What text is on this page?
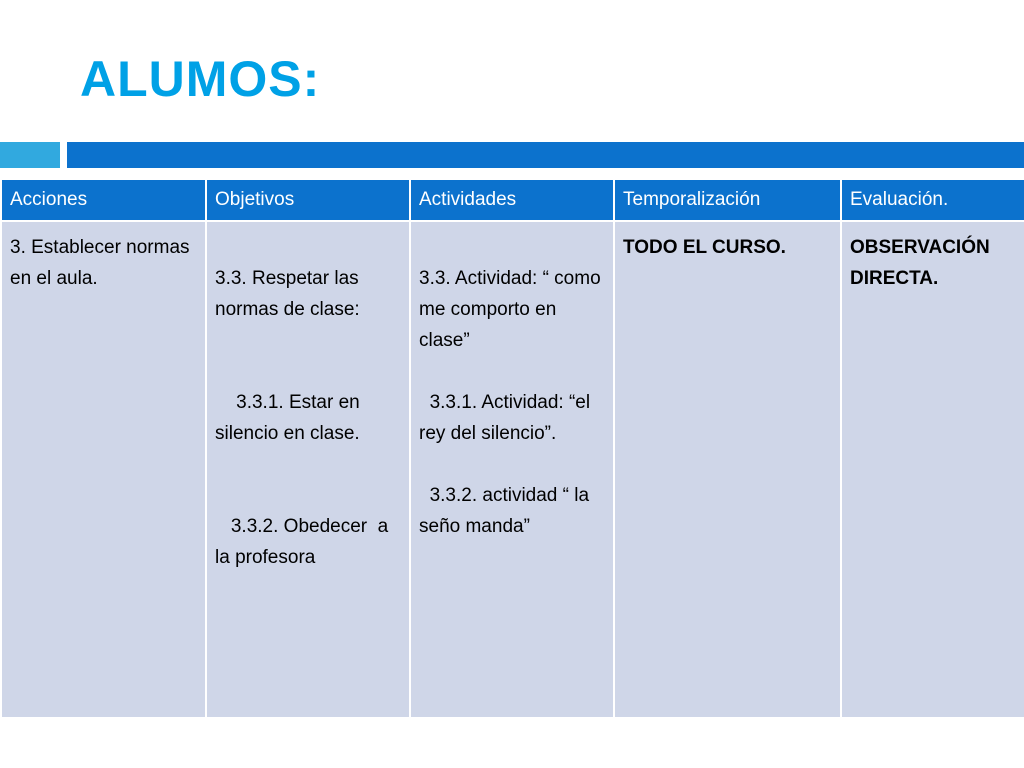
ALUMOS:
Acciones	Objetivos	Actividades	Temporalización	Evaluación.

3. Establecer normas en el aula.	3.3. Respetar las normas de clase:
3.3.1. Estar en silencio en clase.
3.3.2. Obedecer  a la profesora	3.3. Actividad: “ como me comporto en clase”
3.3.1. Actividad: “el rey del silencio”.
3.3.2. actividad “ la seño manda”	TODO EL CURSO.	OBSERVACIÓN DIRECTA.
